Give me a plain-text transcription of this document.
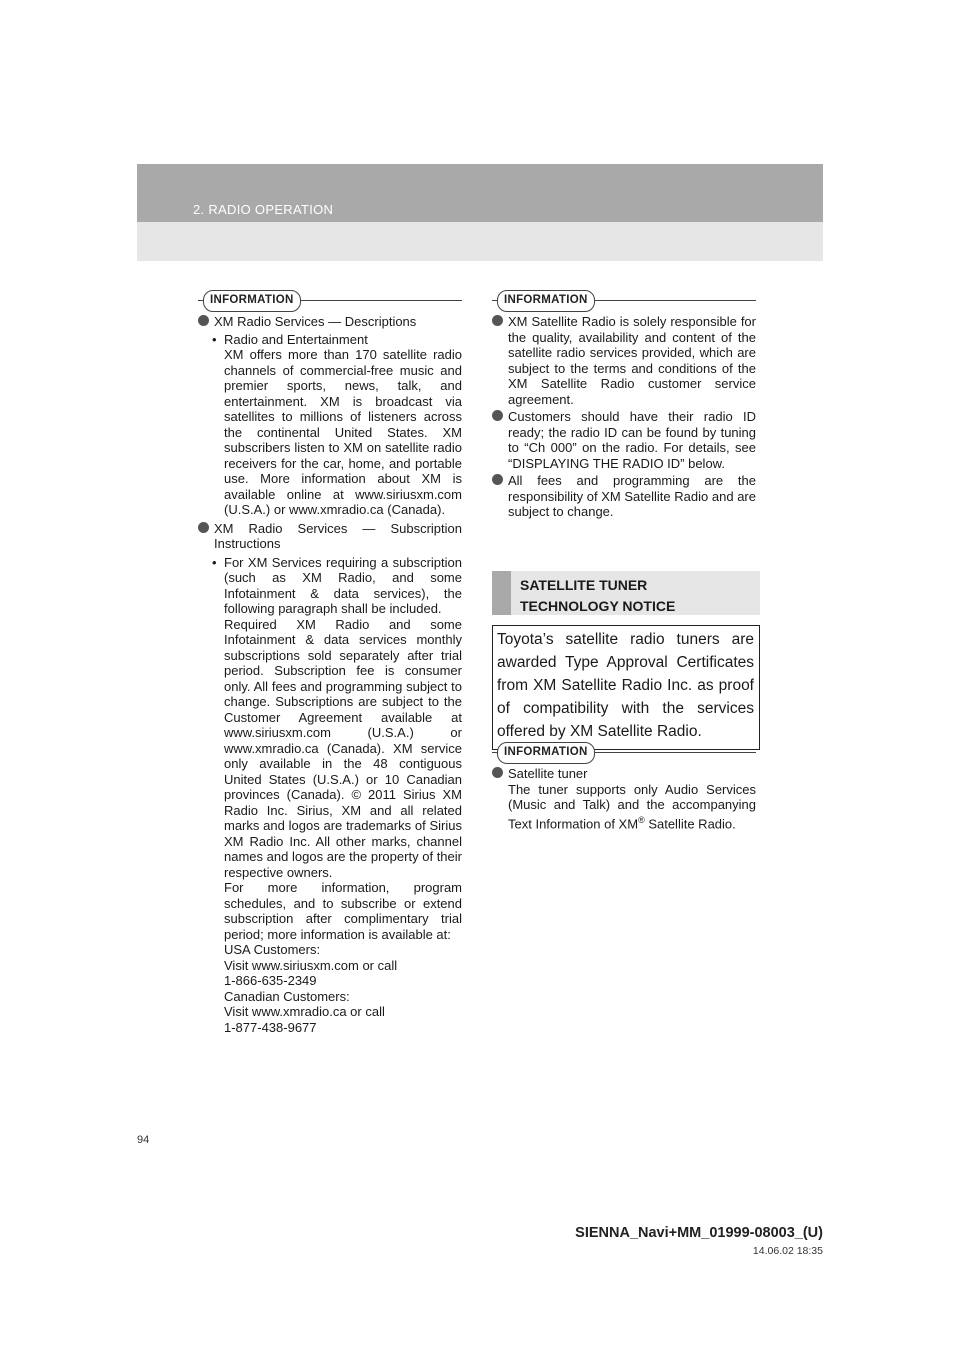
2. RADIO OPERATION
INFORMATION
XM Radio Services — Descriptions
• Radio and Entertainment

XM offers more than 170 satellite radio channels of commercial-free music and premier sports, news, talk, and entertainment. XM is broadcast via satellites to millions of listeners across the continental United States. XM subscribers listen to XM on satellite radio receivers for the car, home, and portable use. More information about XM is available online at www.siriusxm.com (U.S.A.) or www.xmradio.ca (Canada).

XM Radio Services — Subscription Instructions
• For XM Services requiring a subscription (such as XM Radio, and some Infotainment & data services), the following paragraph shall be included.

Required XM Radio and some Infotainment & data services monthly subscriptions sold separately after trial period. Subscription fee is consumer only. All fees and programming subject to change. Subscriptions are subject to the Customer Agreement available at www.siriusxm.com (U.S.A.) or www.xmradio.ca (Canada). XM service only available in the 48 contiguous United States (U.S.A.) or 10 Canadian provinces (Canada). © 2011 Sirius XM Radio Inc. Sirius, XM and all related marks and logos are trademarks of Sirius XM Radio Inc. All other marks, channel names and logos are the property of their respective owners.

For more information, program schedules, and to subscribe or extend subscription after complimentary trial period; more information is available at:

USA Customers:

Visit www.siriusxm.com or call

1-866-635-2349

Canadian Customers:

Visit www.xmradio.ca or call

1-877-438-9677

INFORMATION
XM Satellite Radio is solely responsible for the quality, availability and content of the satellite radio services provided, which are subject to the terms and conditions of the XM Satellite Radio customer service agreement.
Customers should have their radio ID ready; the radio ID can be found by tuning to “Ch 000” on the radio. For details, see “DISPLAYING THE RADIO ID” below.
All fees and programming are the responsibility of XM Satellite Radio and are subject to change.
SATELLITE TUNER
TECHNOLOGY NOTICE
Toyota’s satellite radio tuners are awarded Type Approval Certificates from XM Satellite Radio Inc. as proof of compatibility with the services offered by XM Satellite Radio.
INFORMATION
Satellite tuner
The tuner supports only Audio Services (Music and Talk) and the accompanying Text Information of XM® Satellite Radio.
94
SIENNA_Navi+MM_01999-08003_(U)
14.06.02 18:35
